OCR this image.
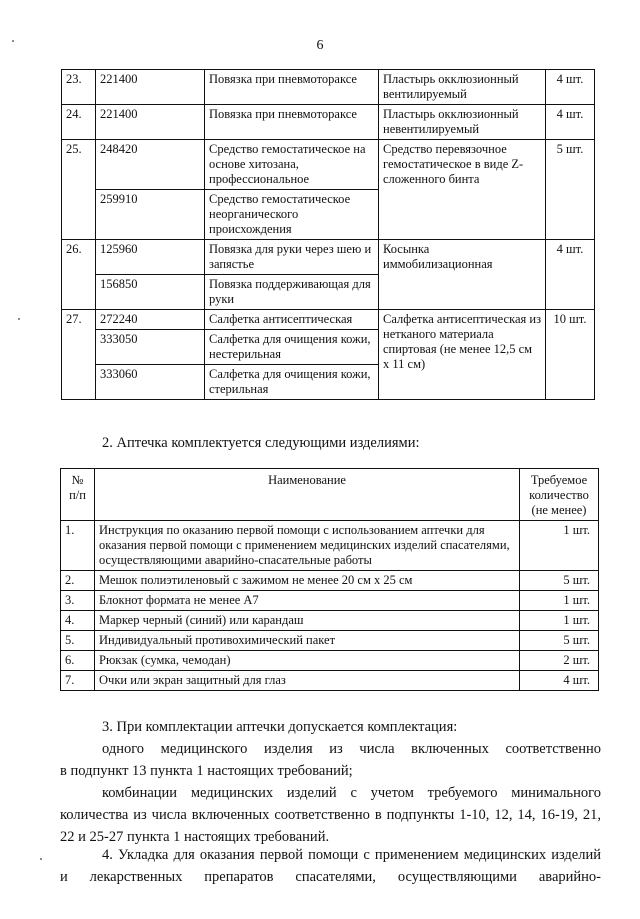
6
23.	221400	Повязка при пневмотораксе	Пластырь окклюзионный вентилируемый	4 шт.
24.	221400	Повязка при пневмотораксе	Пластырь окклюзионный невентилируемый	4 шт.
25.	248420	Средство гемостатическое на основе хитозана, профессиональное	Средство перевязочное гемостатическое в виде Z-сложенного бинта	5 шт.
	259910	Средство гемостатическое неорганического происхождения		
26.	125960	Повязка для руки через шею и запястье	Косынка иммобилизационная	4 шт.
	156850	Повязка поддерживающая для руки		
27.	272240	Салфетка антисептическая	Салфетка антисептическая из нетканого материала спиртовая (не менее 12,5 см х 11 см)	10 шт.
	333050	Салфетка для очищения кожи, нестерильная		
	333060	Салфетка для очищения кожи, стерильная		
2. Аптечка комплектуется следующими изделиями:
№ п/п	Наименование	Требуемое количество (не менее)
1.	Инструкция по оказанию первой помощи с использованием аптечки для оказания первой помощи с применением медицинских изделий спасателями, осуществляющими аварийно-спасательные работы	1 шт.
2.	Мешок полиэтиленовый с зажимом не менее 20 см х 25 см	5 шт.
3.	Блокнот формата не менее А7	1 шт.
4.	Маркер черный (синий) или карандаш	1 шт.
5.	Индивидуальный противохимический пакет	5 шт.
6.	Рюкзак (сумка, чемодан)	2 шт.
7.	Очки или экран защитный для глаз	4 шт.
3. При комплектации аптечки допускается комплектация:
одного медицинского изделия из числа включенных соответственно
в подпункт 13 пункта 1 настоящих требований;
комбинации медицинских изделий с учетом требуемого минимального
количества из числа включенных соответственно в подпункты 1-10, 12, 14, 16-19, 21,
22 и 25-27 пункта 1 настоящих требований.
4. Укладка для оказания первой помощи с применением медицинских изделий
и лекарственных препаратов спасателями, осуществляющими аварийно-
